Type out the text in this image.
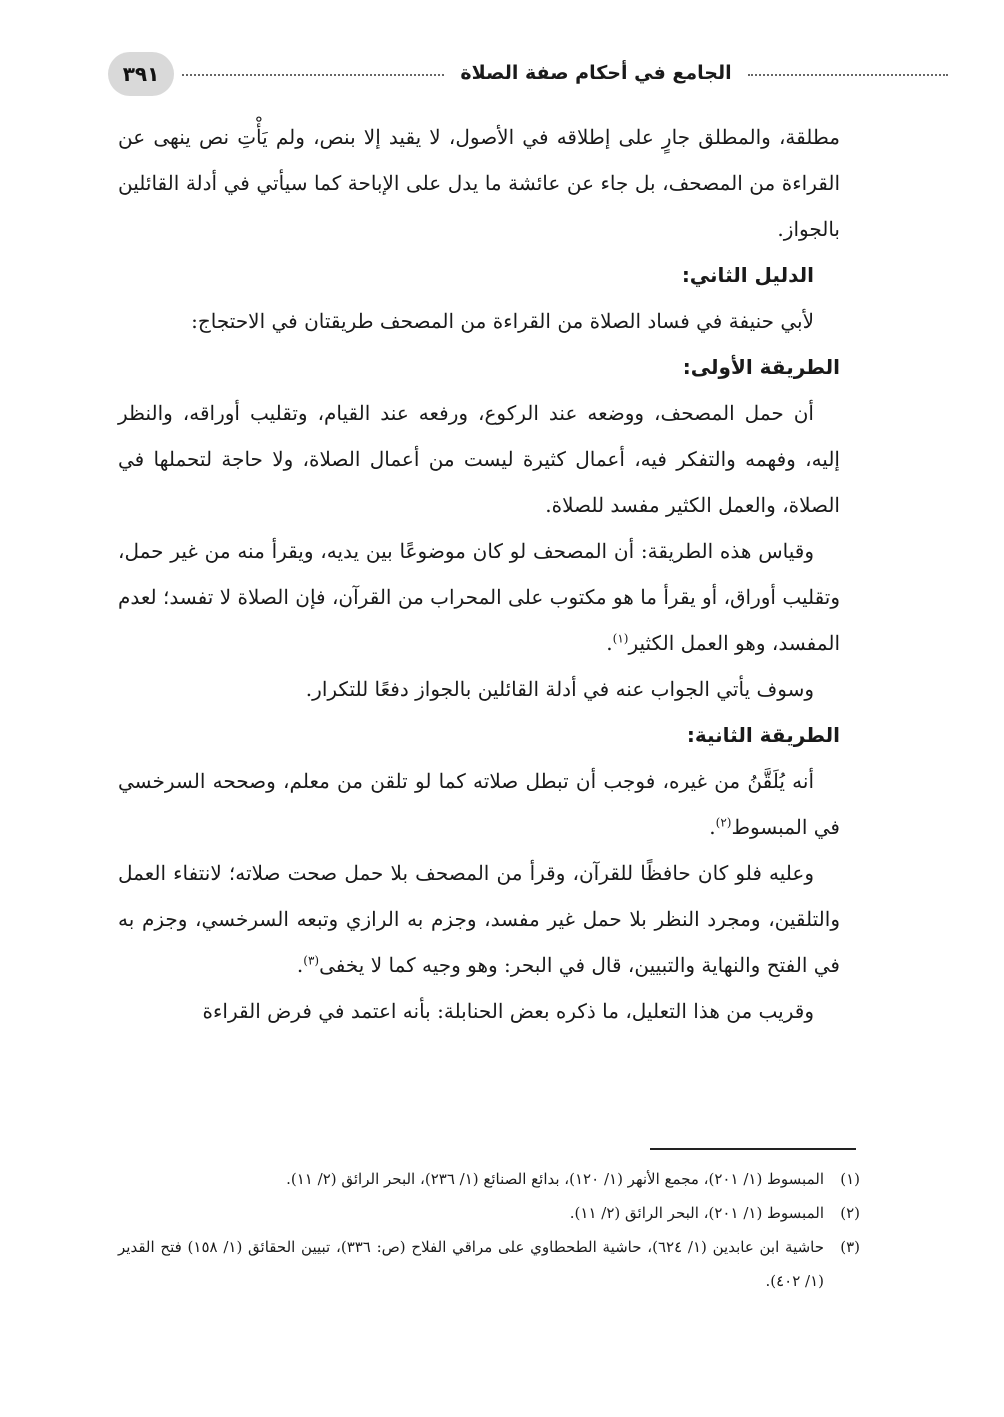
٣٩١	الجامع في أحكام صفة الصلاة

مطلقة، والمطلق جارٍ على إطلاقه في الأصول، لا يقيد إلا بنص، ولم يَأْتِ نص ينهى عن القراءة من المصحف، بل جاء عن عائشة ما يدل على الإباحة كما سيأتي في أدلة القائلين بالجواز.

الدليل الثاني:

لأبي حنيفة في فساد الصلاة من القراءة من المصحف طريقتان في الاحتجاج:

الطريقة الأولى:

أن حمل المصحف، ووضعه عند الركوع، ورفعه عند القيام، وتقليب أوراقه، والنظر إليه، وفهمه والتفكر فيه، أعمال كثيرة ليست من أعمال الصلاة، ولا حاجة لتحملها في الصلاة، والعمل الكثير مفسد للصلاة.

وقياس هذه الطريقة: أن المصحف لو كان موضوعًا بين يديه، ويقرأ منه من غير حمل، وتقليب أوراق، أو يقرأ ما هو مكتوب على المحراب من القرآن، فإن الصلاة لا تفسد؛ لعدم المفسد، وهو العمل الكثير$^{(١)}$.

وسوف يأتي الجواب عنه في أدلة القائلين بالجواز دفعًا للتكرار.

الطريقة الثانية:

أنه يُلَقَّنُ من غيره، فوجب أن تبطل صلاته كما لو تلقن من معلم، وصححه السرخسي في المبسوط$^{(٢)}$.

وعليه فلو كان حافظًا للقرآن، وقرأ من المصحف بلا حمل صحت صلاته؛ لانتفاء العمل والتلقين، ومجرد النظر بلا حمل غير مفسد، وجزم به الرازي وتبعه السرخسي، وجزم به في الفتح والنهاية والتبيين، قال في البحر: وهو وجيه كما لا يخفى$^{(٣)}$.

وقريب من هذا التعليل، ما ذكره بعض الحنابلة: بأنه اعتمد في فرض القراءة

(١)
المبسوط (١/ ٢٠١)، مجمع الأنهر (١/ ١٢٠)، بدائع الصنائع (١/ ٢٣٦)، البحر الرائق (٢/ ١١).
(٢)
المبسوط (١/ ٢٠١)، البحر الرائق (٢/ ١١).
(٣)
حاشية ابن عابدين (١/ ٦٢٤)، حاشية الطحطاوي على مراقي الفلاح (ص: ٣٣٦)، تبيين الحقائق (١/ ١٥٨) فتح القدير (١/ ٤٠٢).
